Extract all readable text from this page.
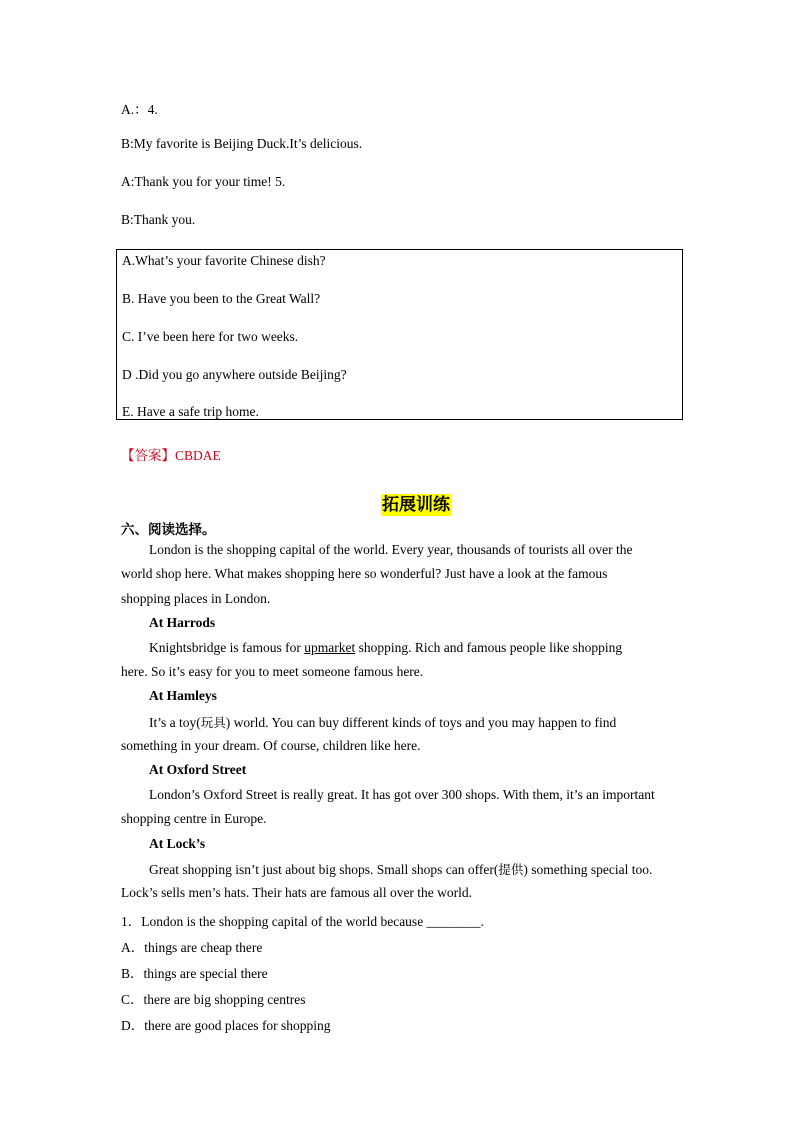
A.：4.
B:My favorite is Beijing Duck.It’s delicious.
A:Thank you for your time! 5.
B:Thank you.
A.What’s your favorite Chinese dish?
B. Have you been to the Great Wall?
C. I’ve been here for two weeks.
D .Did you go anywhere outside Beijing?
E. Have a safe trip home.
【答案】CBDAE
拓展训练
六、阅读选择。
London is the shopping capital of the world. Every year, thousands of tourists all over the
world shop here. What makes shopping here so wonderful? Just have a look at the famous
shopping places in London.
At Harrods
Knightsbridge is famous for upmarket shopping. Rich and famous people like shopping
here. So it’s easy for you to meet someone famous here.
At Hamleys
It’s a toy(玩具) world. You can buy different kinds of toys and you may happen to find
something in your dream. Of course, children like here.
At Oxford Street
London’s Oxford Street is really great. It has got over 300 shops. With them, it’s an important
shopping centre in Europe.
At Lock’s
Great shopping isn’t just about big shops. Small shops can offer(提供) something special too.
Lock’s sells men’s hats. Their hats are famous all over the world.
1．London is the shopping capital of the world because ________.
A．things are cheap there
B．things are special there
C．there are big shopping centres
D．there are good places for shopping
